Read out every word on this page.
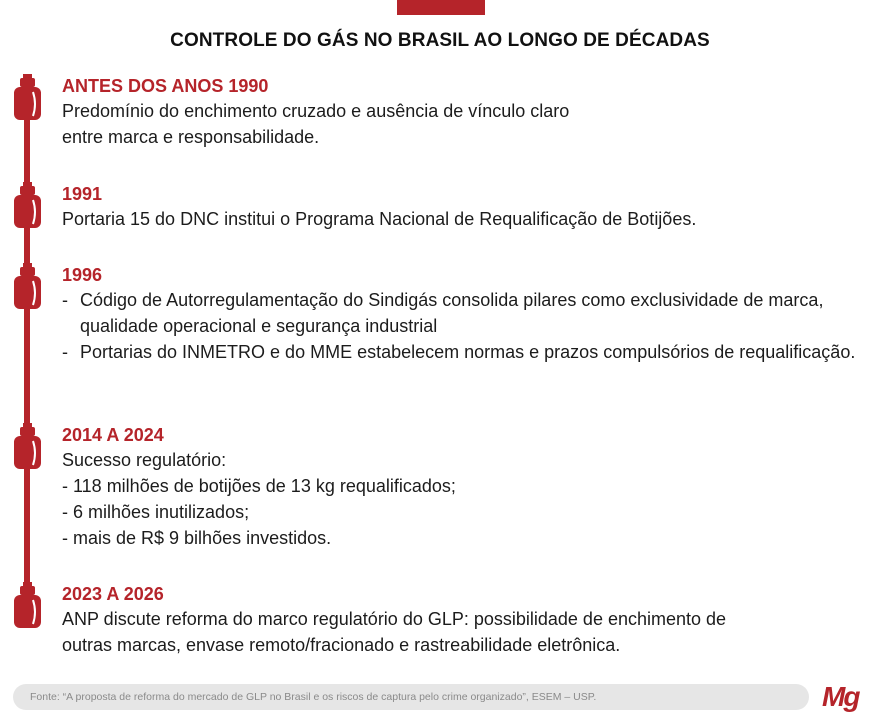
CONTROLE DO GÁS NO BRASIL AO LONGO DE DÉCADAS
ANTES DOS ANOS 1990
Predomínio do enchimento cruzado e ausência de vínculo claro
entre marca e responsabilidade.
1991
Portaria 15 do DNC institui o Programa Nacional de Requalificação de Botijões.
1996
- Código de Autorregulamentação do Sindigás consolida pilares como exclusividade de marca, qualidade operacional e segurança industrial
- Portarias do INMETRO e do MME estabelecem normas e prazos compulsórios de requalificação.
2014 A 2024
Sucesso regulatório:
- 118 milhões de botijões de 13 kg requalificados;
- 6 milhões inutilizados;
- mais de R$ 9 bilhões investidos.
2023 A 2026
ANP discute reforma do marco regulatório do GLP: possibilidade de enchimento de
outras marcas, envase remoto/fracionado e rastreabilidade eletrônica.
Fonte: “A proposta de reforma do mercado de GLP no Brasil e os riscos de captura pelo crime organizado”, ESEM – USP.	Mg
